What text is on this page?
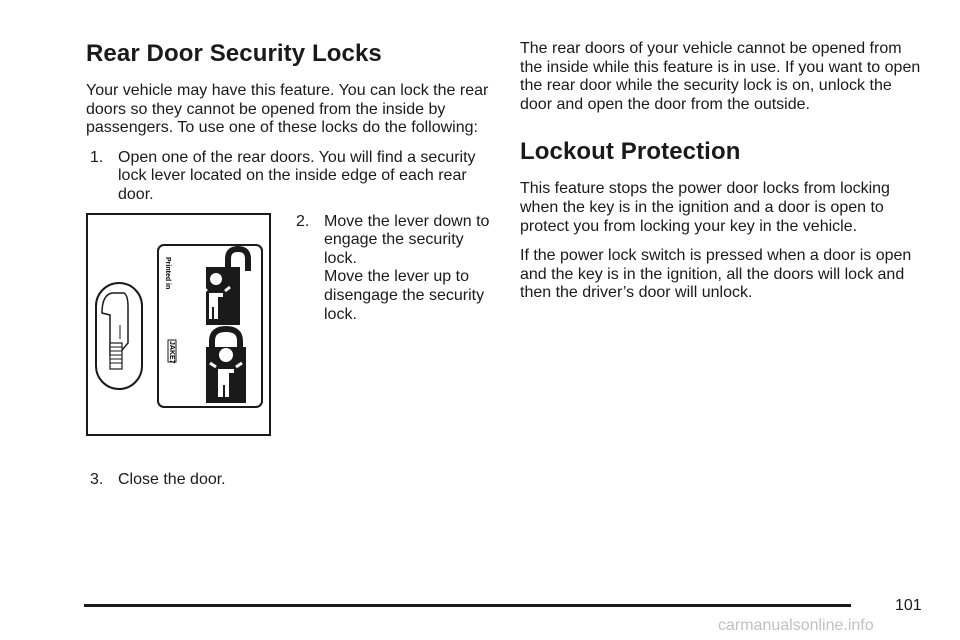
Rear Door Security Locks

Your vehicle may have this feature. You can lock the rear doors so they cannot be opened from the inside by passengers. To use one of these locks do the following:

1. Open one of the rear doors. You will find a security lock lever located on the inside edge of each rear door.
Printed in
JAKE7
2. Move the lever down to engage the security lock.
Move the lever up to disengage the security lock.
3. Close the door.

The rear doors of your vehicle cannot be opened from the inside while this feature is in use. If you want to open the rear door while the security lock is on, unlock the door and open the door from the outside.

Lockout Protection

This feature stops the power door locks from locking when the key is in the ignition and a door is open to protect you from locking your key in the vehicle.

If the power lock switch is pressed when a door is open and the key is in the ignition, all the doors will lock and then the driver’s door will unlock.

101
carmanualsonline.info
